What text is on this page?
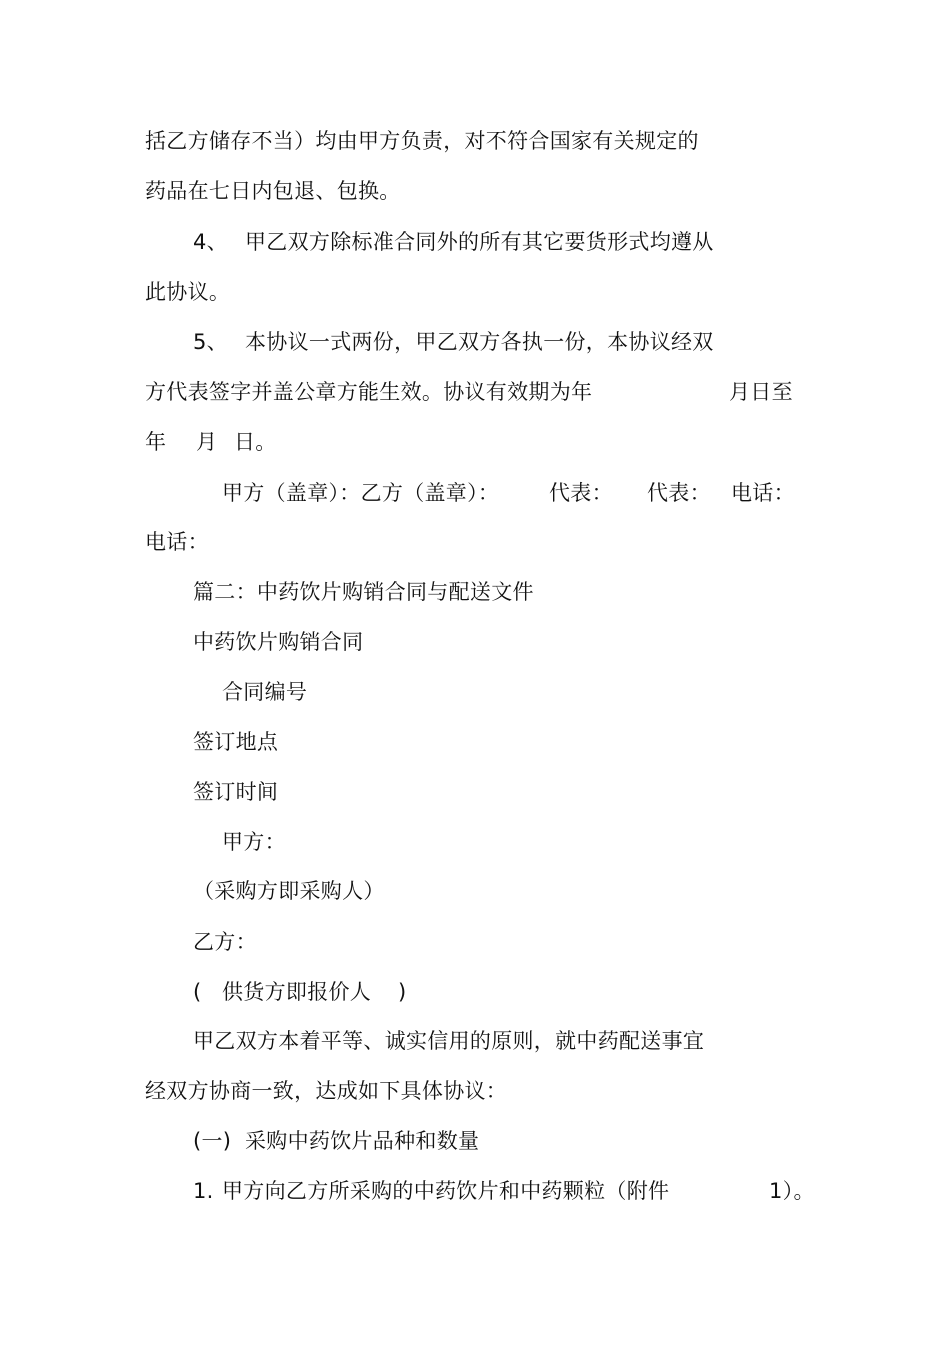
括乙方储存不当）均由甲方负责，对不符合国家有关规定的
药品在七日内包退、包换。
4、 甲乙双方除标准合同外的所有其它要货形式均遵从
此协议。
5、 本协议一式两份，甲乙双方各执一份，本协议经双
方代表签字并盖公章方能生效。协议有效期为年	月日至
年 月 日。
甲方（盖章）：乙方（盖章）： 代表： 代表： 电话：
电话：
篇二：中药饮片购销合同与配送文件
中药饮片购销合同
合同编号
签订地点
签订时间
甲方：
（采购方即采购人）
乙方：
( 供货方即报价人 )
甲乙双方本着平等、诚实信用的原则，就中药配送事宜
经双方协商一致，达成如下具体协议：
(一) 采购中药饮片品种和数量
1. 甲方向乙方所采购的中药饮片和中药颗粒（附件	1）。
